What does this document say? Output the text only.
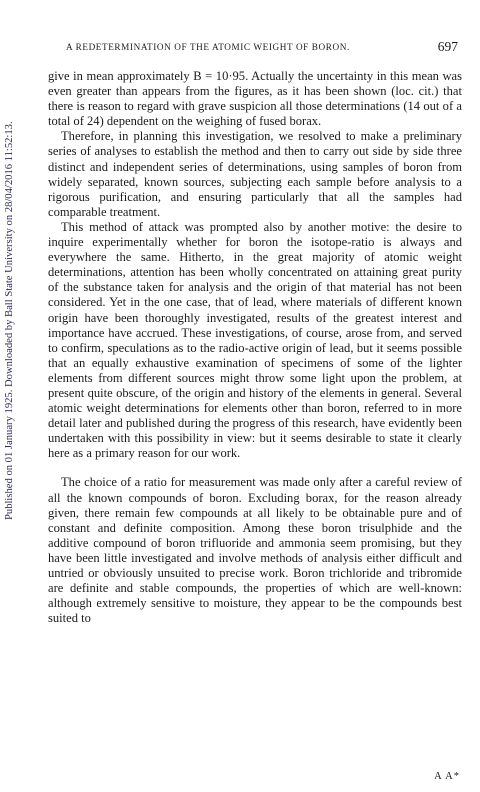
A REDETERMINATION OF THE ATOMIC WEIGHT OF BORON.	697
Published on 01 January 1925. Downloaded by Ball State University on 28/04/2016 11:52:13.

give in mean approximately B = 10·95. Actually the uncertainty in this mean was even greater than appears from the figures, as it has been shown (loc. cit.) that there is reason to regard with grave suspicion all those determinations (14 out of a total of 24) dependent on the weighing of fused borax.

Therefore, in planning this investigation, we resolved to make a preliminary series of analyses to establish the method and then to carry out side by side three distinct and independent series of determinations, using samples of boron from widely separated, known sources, subjecting each sample before analysis to a rigorous purification, and ensuring particularly that all the samples had comparable treatment.

This method of attack was prompted also by another motive: the desire to inquire experimentally whether for boron the isotope-ratio is always and everywhere the same. Hitherto, in the great majority of atomic weight determinations, attention has been wholly concentrated on attaining great purity of the substance taken for analysis and the origin of that material has not been considered. Yet in the one case, that of lead, where materials of different known origin have been thoroughly investigated, results of the greatest interest and importance have accrued. These investigations, of course, arose from, and served to confirm, speculations as to the radio-active origin of lead, but it seems possible that an equally exhaustive examination of specimens of some of the lighter elements from different sources might throw some light upon the problem, at present quite obscure, of the origin and history of the elements in general. Several atomic weight determinations for elements other than boron, referred to in more detail later and published during the progress of this research, have evidently been undertaken with this possibility in view: but it seems desirable to state it clearly here as a primary reason for our work.

The choice of a ratio for measurement was made only after a careful review of all the known compounds of boron. Excluding borax, for the reason already given, there remain few compounds at all likely to be obtainable pure and of constant and definite composition. Among these boron trisulphide and the additive compound of boron trifluoride and ammonia seem promising, but they have been little investigated and involve methods of analysis either difficult and untried or obviously unsuited to precise work. Boron trichloride and tribromide are definite and stable compounds, the properties of which are well-known: although extremely sensitive to moisture, they appear to be the compounds best suited to

A A*
